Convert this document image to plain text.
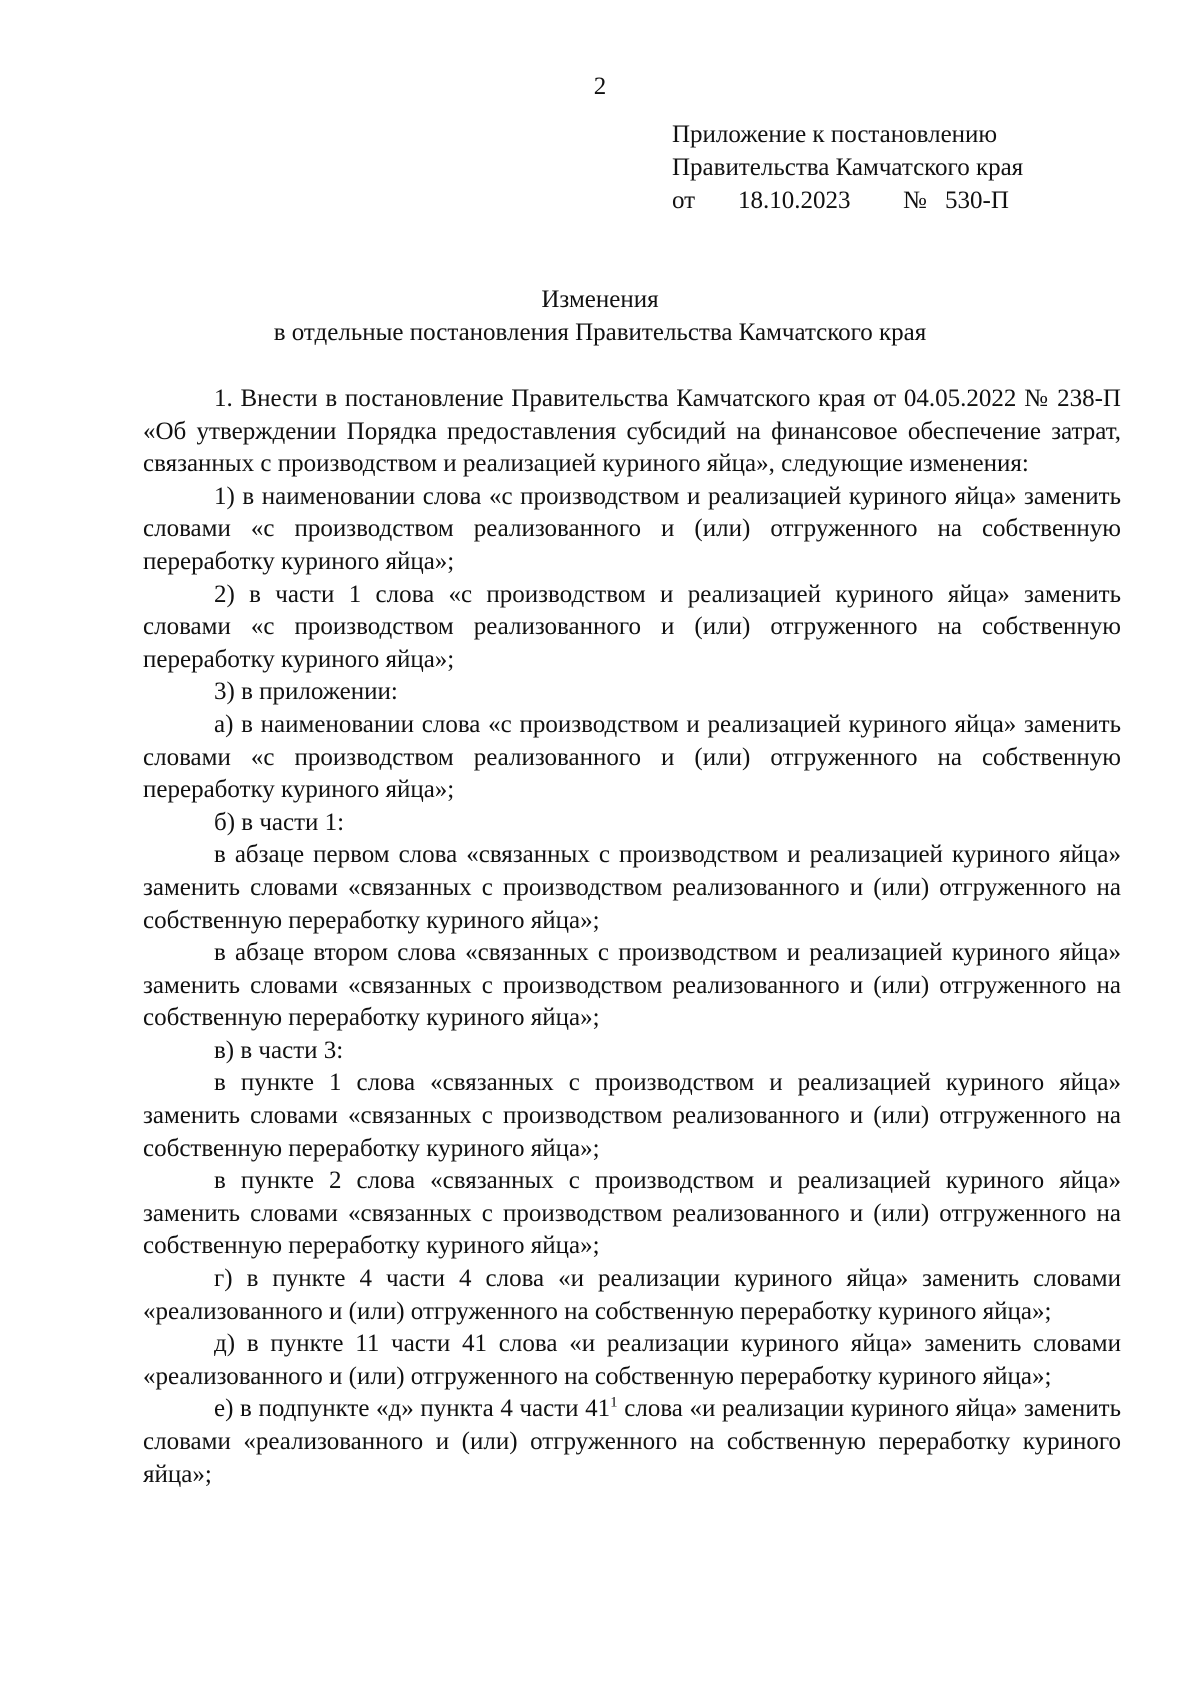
2
Приложение к постановлению
Правительства Камчатского края
от 18.10.2023 № 530-П
Изменения
в отдельные постановления Правительства Камчатского края

1. Внести в постановление Правительства Камчатского края от 04.05.2022 № 238-П «Об утверждении Порядка предоставления субсидий на финансовое обеспечение затрат, связанных с производством и реализацией куриного яйца», следующие изменения:

1) в наименовании слова «с производством и реализацией куриного яйца» заменить словами «с производством реализованного и (или) отгруженного на собственную переработку куриного яйца»;

2) в части 1 слова «с производством и реализацией куриного яйца» заменить словами «с производством реализованного и (или) отгруженного на собственную переработку куриного яйца»;

3) в приложении:

а) в наименовании слова «с производством и реализацией куриного яйца» заменить словами «с производством реализованного и (или) отгруженного на собственную переработку куриного яйца»;

б) в части 1:

в абзаце первом слова «связанных с производством и реализацией куриного яйца» заменить словами «связанных с производством реализованного и (или) отгруженного на собственную переработку куриного яйца»;

в абзаце втором слова «связанных с производством и реализацией куриного яйца» заменить словами «связанных с производством реализованного и (или) отгруженного на собственную переработку куриного яйца»;

в) в части 3:

в пункте 1 слова «связанных с производством и реализацией куриного яйца» заменить словами «связанных с производством реализованного и (или) отгруженного на собственную переработку куриного яйца»;

в пункте 2 слова «связанных с производством и реализацией куриного яйца» заменить словами «связанных с производством реализованного и (или) отгруженного на собственную переработку куриного яйца»;

г) в пункте 4 части 4 слова «и реализации куриного яйца» заменить словами «реализованного и (или) отгруженного на собственную переработку куриного яйца»;

д) в пункте 11 части 41 слова «и реализации куриного яйца» заменить словами «реализованного и (или) отгруженного на собственную переработку куриного яйца»;

е) в подпункте «д» пункта 4 части $41^1$ слова «и реализации куриного яйца» заменить словами «реализованного и (или) отгруженного на собственную переработку куриного яйца»;
